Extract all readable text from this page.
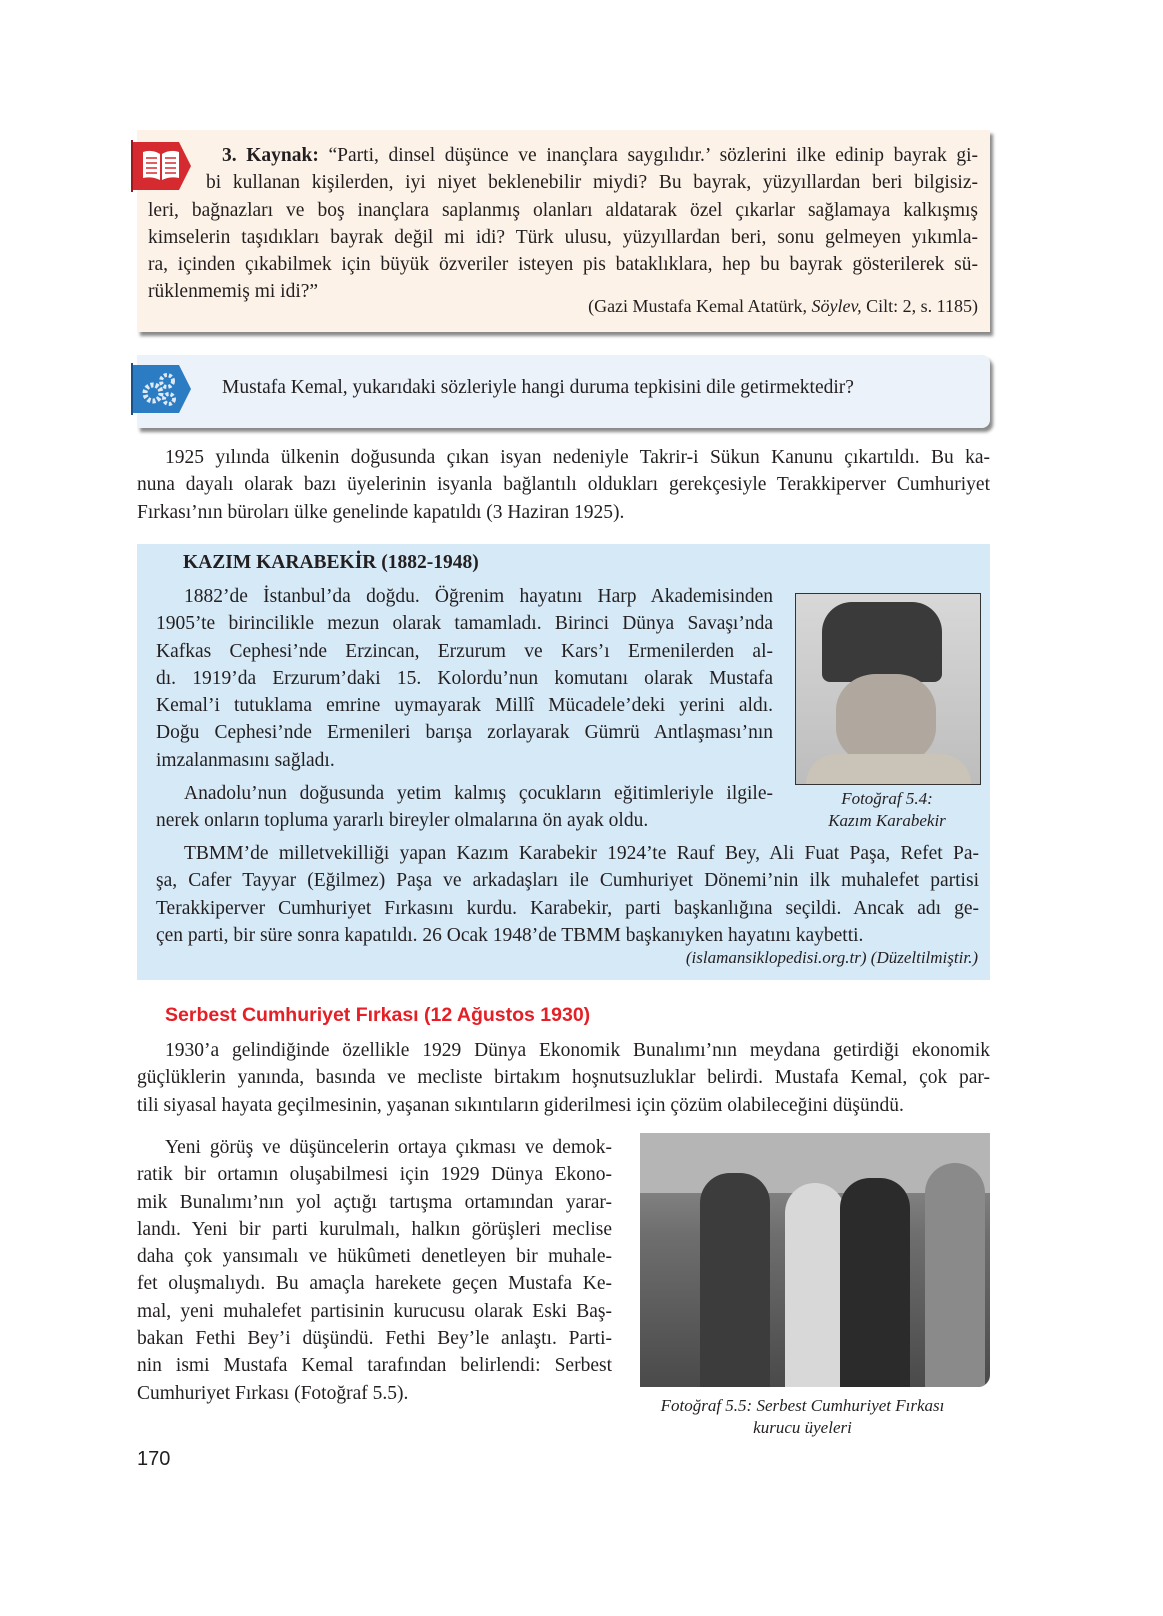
3. Kaynak: “Parti, dinsel düşünce ve inançlara saygılıdır.’ sözlerini ilke edinip bayrak gi-
bi kullanan kişilerden, iyi niyet beklenebilir miydi? Bu bayrak, yüzyıllardan beri bilgisiz-
leri, bağnazları ve boş inançlara saplanmış olanları aldatarak özel çıkarlar sağlamaya kalkışmış
kimselerin taşıdıkları bayrak değil mi idi? Türk ulusu, yüzyıllardan beri, sonu gelmeyen yıkımla-
ra, içinden çıkabilmek için büyük özveriler isteyen pis bataklıklara, hep bu bayrak gösterilerek sü-
rüklenmemiş mi idi?”
(Gazi Mustafa Kemal Atatürk, Söylev, Cilt: 2, s. 1185)
Mustafa Kemal, yukarıdaki sözleriyle hangi duruma tepkisini dile getirmektedir?
1925 yılında ülkenin doğusunda çıkan isyan nedeniyle Takrir-i Sükun Kanunu çıkartıldı. Bu ka-
nuna dayalı olarak bazı üyelerinin isyanla bağlantılı oldukları gerekçesiyle Terakkiperver Cumhuriyet
Fırkası’nın büroları ülke genelinde kapatıldı (3 Haziran 1925).
KAZIM KARABEKİR (1882-1948)
1882’de İstanbul’da doğdu. Öğrenim hayatını Harp Akademisinden
1905’te birincilikle mezun olarak tamamladı. Birinci Dünya Savaşı’nda
Kafkas Cephesi’nde Erzincan, Erzurum ve Kars’ı Ermenilerden al-
dı. 1919’da Erzurum’daki 15. Kolordu’nun komutanı olarak Mustafa
Kemal’i tutuklama emrine uymayarak Millî Mücadele’deki yerini aldı.
Doğu Cephesi’nde Ermenileri barışa zorlayarak Gümrü Antlaşması’nın
imzalanmasını sağladı.
Anadolu’nun doğusunda yetim kalmış çocukların eğitimleriyle ilgile-
nerek onların topluma yararlı bireyler olmalarına ön ayak oldu.
TBMM’de milletvekilliği yapan Kazım Karabekir 1924’te Rauf Bey, Ali Fuat Paşa, Refet Pa-
şa, Cafer Tayyar (Eğilmez) Paşa ve arkadaşları ile Cumhuriyet Dönemi’nin ilk muhalefet partisi
Terakkiperver Cumhuriyet Fırkasını kurdu. Karabekir, parti başkanlığına seçildi. Ancak adı ge-
çen parti, bir süre sonra kapatıldı. 26 Ocak 1948’de TBMM başkanıyken hayatını kaybetti.
Fotoğraf 5.4:
Kazım Karabekir
(islamansiklopedisi.org.tr) (Düzeltilmiştir.)
Serbest Cumhuriyet Fırkası (12 Ağustos 1930)
1930’a gelindiğinde özellikle 1929 Dünya Ekonomik Bunalımı’nın meydana getirdiği ekonomik
güçlüklerin yanında, basında ve mecliste birtakım hoşnutsuzluklar belirdi. Mustafa Kemal, çok par-
tili siyasal hayata geçilmesinin, yaşanan sıkıntıların giderilmesi için çözüm olabileceğini düşündü.
Yeni görüş ve düşüncelerin ortaya çıkması ve demok-
ratik bir ortamın oluşabilmesi için 1929 Dünya Ekono-
mik Bunalımı’nın yol açtığı tartışma ortamından yarar-
landı. Yeni bir parti kurulmalı, halkın görüşleri meclise
daha çok yansımalı ve hükûmeti denetleyen bir muhale-
fet oluşmalıydı. Bu amaçla harekete geçen Mustafa Ke-
mal, yeni muhalefet partisinin kurucusu olarak Eski Baş-
bakan Fethi Bey’i düşündü. Fethi Bey’le anlaştı. Parti-
nin ismi Mustafa Kemal tarafından belirlendi: Serbest
Cumhuriyet Fırkası (Fotoğraf 5.5).
Fotoğraf 5.5: Serbest Cumhuriyet Fırkası
kurucu üyeleri
170
